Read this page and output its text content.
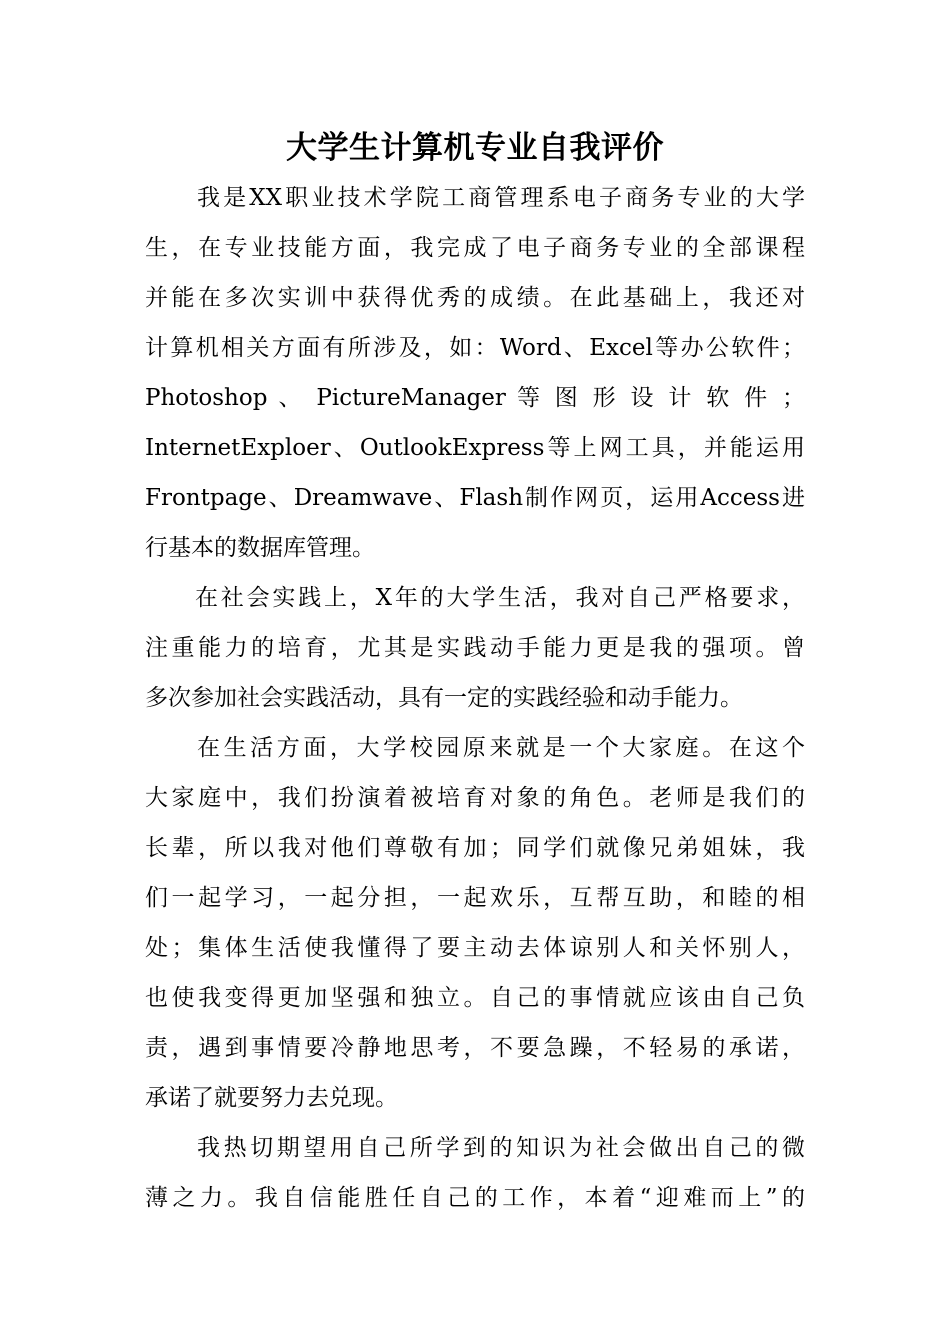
大学生计算机专业自我评价
我是XX职业技术学院工商管理系电子商务专业的大学
生，在专业技能方面，我完成了电子商务专业的全部课程
并能在多次实训中获得优秀的成绩。在此基础上，我还对
计算机相关方面有所涉及，如：Word、Excel等办公软件；
Photoshop 、 PictureManager 等 图 形 设 计 软 件 ；
InternetExploer、OutlookExpress等上网工具，并能运用
Frontpage、Dreamwave、Flash制作网页，运用Access进
行基本的数据库管理。
在社会实践上，X年的大学生活，我对自己严格要求，
注重能力的培育，尤其是实践动手能力更是我的强项。曾
多次参加社会实践活动，具有一定的实践经验和动手能力。
在生活方面，大学校园原来就是一个大家庭。在这个
大家庭中，我们扮演着被培育对象的角色。老师是我们的
长辈，所以我对他们尊敬有加；同学们就像兄弟姐妹，我
们一起学习，一起分担，一起欢乐，互帮互助，和睦的相
处；集体生活使我懂得了要主动去体谅别人和关怀别人，
也使我变得更加坚强和独立。自己的事情就应该由自己负
责，遇到事情要冷静地思考，不要急躁，不轻易的承诺，
承诺了就要努力去兑现。
我热切期望用自己所学到的知识为社会做出自己的微
薄之力。我自信能胜任自己的工作，本着“迎难而上”的
